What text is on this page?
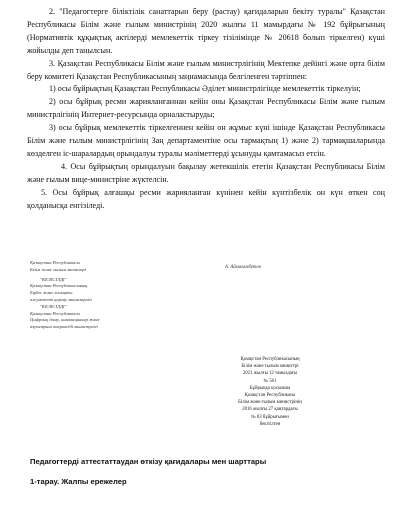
2. "Педагогтерге біліктілік санаттарын беру (растау) қағидаларын бекіту туралы" Қазақстан Республикасы Білім және ғылым министрінің 2020 жылғы 11 мамырдағы № 192 бұйрығының (Нормативтік құқықтық актілерді мемлекеттік тіркеу тізілімінде № 20618 болып тіркелген) күші жойылды деп танылсын.

3. Қазақстан Республикасы Білім және ғылым министрлігінің Мектепке дейінгі және орта білім беру комитеті Қазақстан Республикасының заңнамасында белгіленген тәртіппен:

1) осы бұйрықтың Қазақстан Республикасы Әділет министрлігінде мемлекеттік тіркелуін;

2) осы бұйрық ресми жарияланғаннан кейін оны Қазақстан Республикасы Білім және ғылым министрлігінің Интернет-ресурсында орналастыруды;

3) осы бұйрық мемлекеттік тіркелгеннен кейін он жұмыс күні ішінде Қазақстан Республикасы Білім және ғылым министрлігінің Заң департаментіне осы тармақтың 1) және 2) тармақшаларында көзделген іс-шаралардың орындалуы туралы мәліметтерді ұсынуды қамтамасыз етсін.

4. Осы бұйрықтың орындалуын бақылау жетекшілік ететін Қазақстан Республикасы Білім және ғылым вице-министріне жүктелсін.

5. Осы бұйрық алғашқы ресми жарияланған күнінен кейін күнтізбелік он күн өткен соң қолданысқа енгізіледі.

Қазақстан Республикасы
Білім және ғылым министрі
"КЕЛІСІЛДІ"
Қазақстан Республикасының
Еңбек және халықты
әлеуметтік қорғау министрлігі
"КЕЛІСІЛДІ"
Қазақстан Республикасы
Цифрлық даму, инновациялар және
аэроғарыш өнеркәсібі министрлігі
А. Аймағамбетов
Қазақстан Республикасының
Білім және ғылым министрі
2021 жылғы 12 тамыздағы
№ 561
Бұйрыққа қосымша
Қазақстан Республикасы
Білім және ғылым министрінің
2016 жылғы 27 қаңтардағы
№ 83 бұйрығымен
бекітілген
Педагогтерді аттестаттаудан өткізу қағидалары мен шарттары
1-тарау. Жалпы ережелер
